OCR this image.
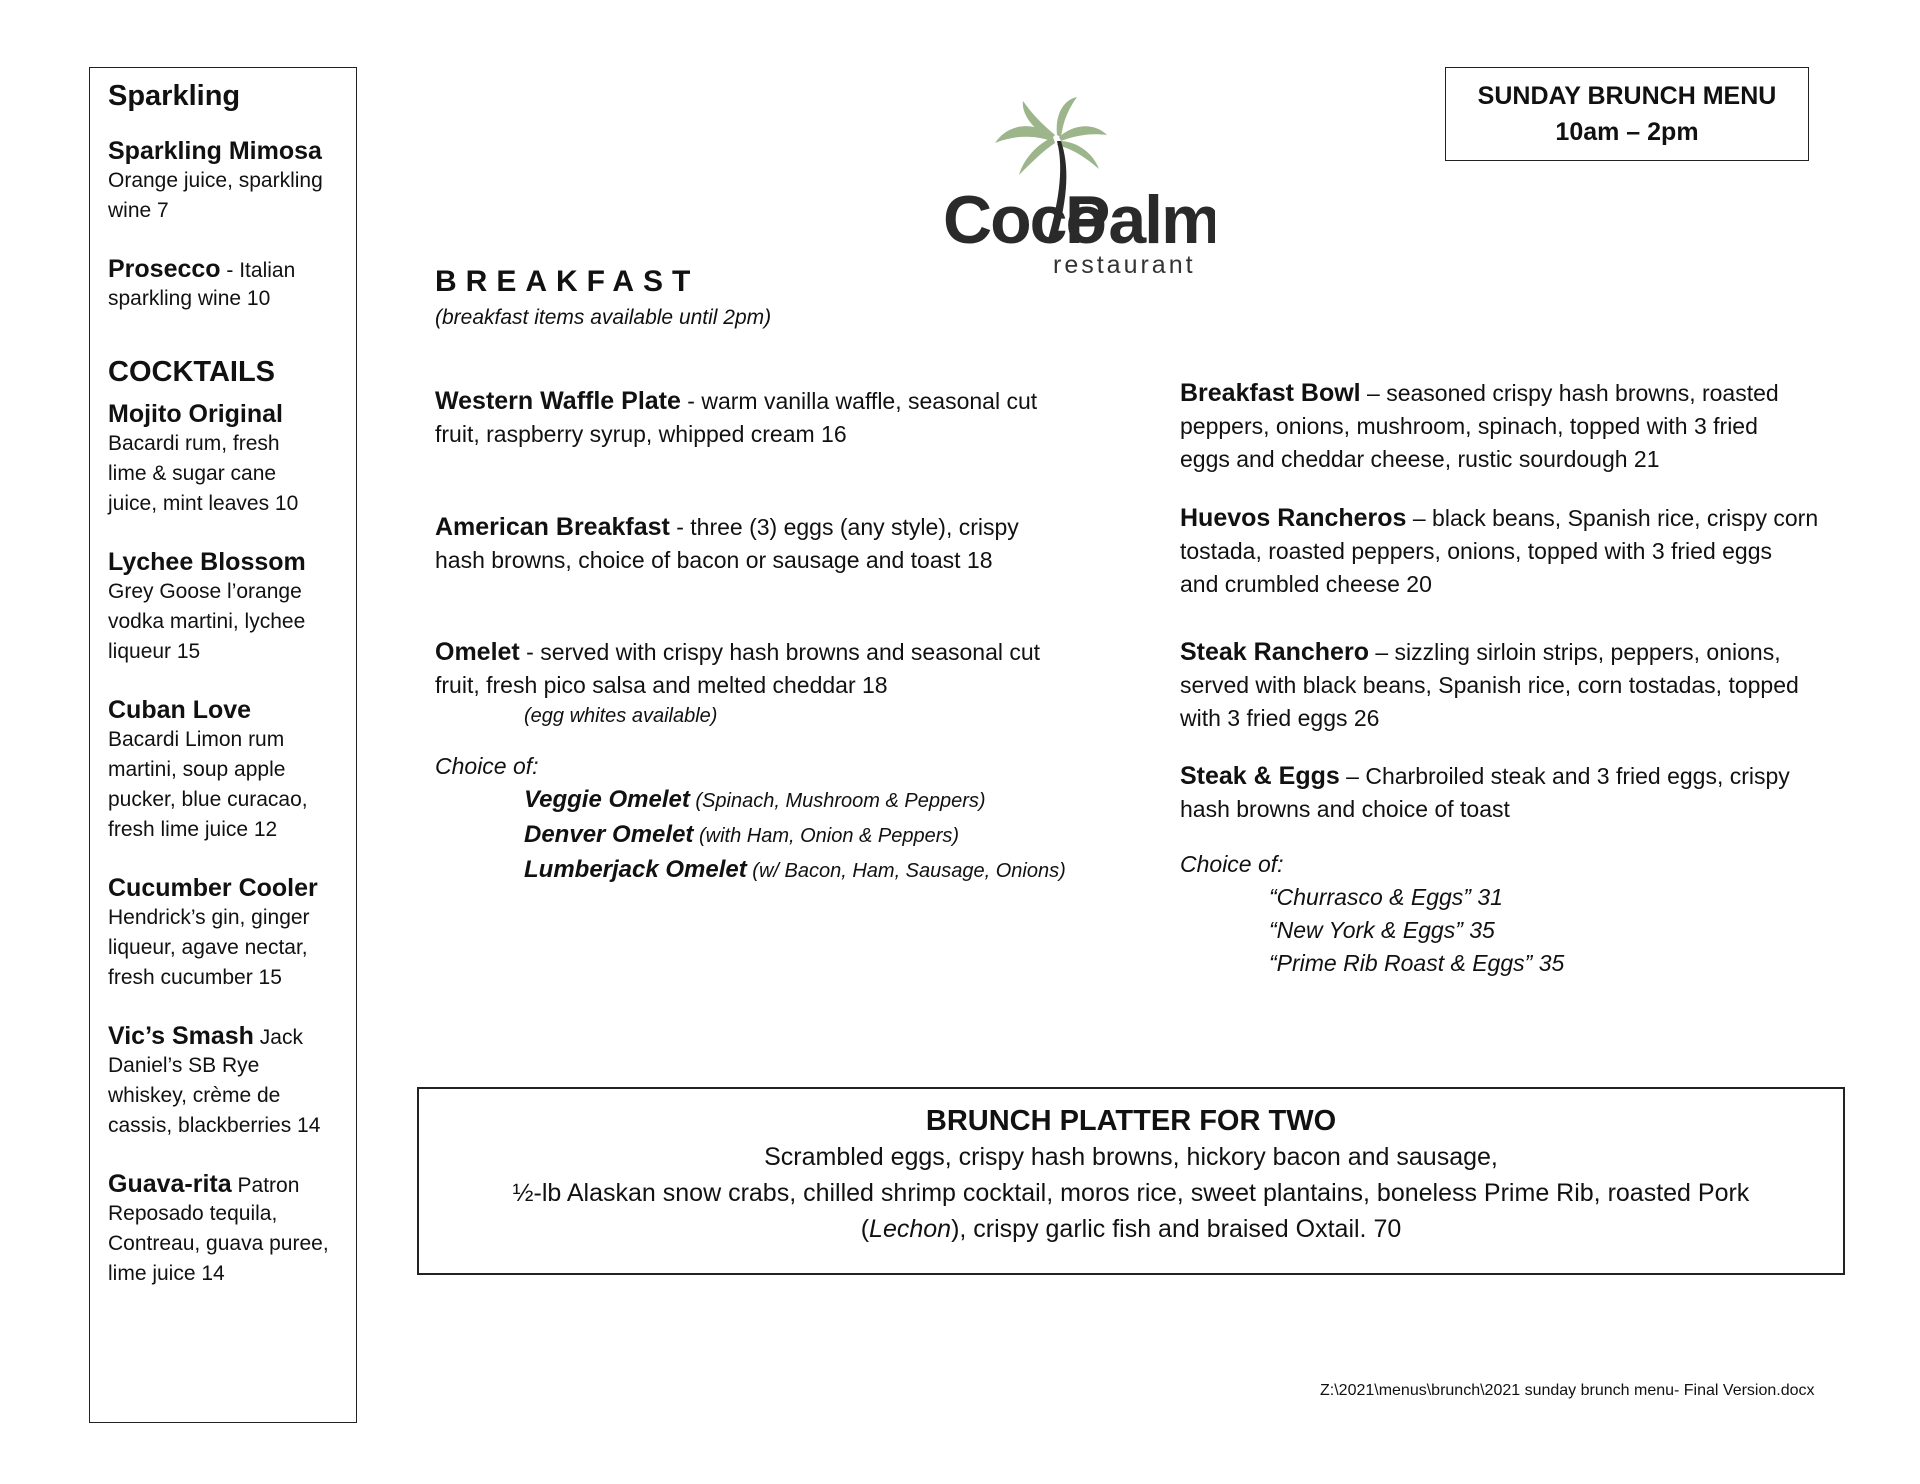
Sparkling
Sparkling Mimosa
Orange juice, sparkling
wine 7
Prosecco - Italian
sparkling wine 10
COCKTAILS
Mojito Original
Bacardi rum, fresh
lime & sugar cane
juice, mint leaves 10
Lychee Blossom
Grey Goose l’orange
vodka martini, lychee
liqueur 15
Cuban Love
Bacardi Limon rum
martini, soup apple
pucker, blue curacao,
fresh lime juice 12
Cucumber Cooler
Hendrick’s gin, ginger
liqueur, agave nectar,
fresh cucumber 15
Vic’s Smash Jack
Daniel’s SB Rye
whiskey, crème de
cassis, blackberries 14
Guava-rita Patron
Reposado tequila,
Contreau, guava puree,
lime juice 14
SUNDAY BRUNCH MENU
10am – 2pm
Coco
Palm
restaurant
BREAKFAST
(breakfast items available until 2pm)
Western Waffle Plate - warm vanilla waffle, seasonal cut
fruit, raspberry syrup, whipped cream 16
American Breakfast - three (3) eggs (any style), crispy
hash browns, choice of bacon or sausage and toast 18
Omelet - served with crispy hash browns and seasonal cut
fruit, fresh pico salsa and melted cheddar 18
(egg whites available)
Choice of:
Veggie Omelet (Spinach, Mushroom & Peppers)
Denver Omelet (with Ham, Onion & Peppers)
Lumberjack Omelet (w/ Bacon, Ham, Sausage, Onions)
Breakfast Bowl – seasoned crispy hash browns, roasted
peppers, onions, mushroom, spinach, topped with 3 fried
eggs and cheddar cheese, rustic sourdough 21
Huevos Rancheros – black beans, Spanish rice, crispy corn
tostada, roasted peppers, onions, topped with 3 fried eggs
and crumbled cheese 20
Steak Ranchero – sizzling sirloin strips, peppers, onions,
served with black beans, Spanish rice, corn tostadas, topped
with 3 fried eggs 26
Steak & Eggs – Charbroiled steak and 3 fried eggs, crispy
hash browns and choice of toast
Choice of:
“Churrasco & Eggs” 31
“New York & Eggs” 35
“Prime Rib Roast & Eggs” 35
BRUNCH PLATTER FOR TWO
Scrambled eggs, crispy hash browns, hickory bacon and sausage,
½-lb Alaskan snow crabs, chilled shrimp cocktail, moros rice, sweet plantains, boneless Prime Rib, roasted Pork
(Lechon), crispy garlic fish and braised Oxtail. 70
Z:\2021\menus\brunch\2021 sunday brunch menu- Final Version.docx
